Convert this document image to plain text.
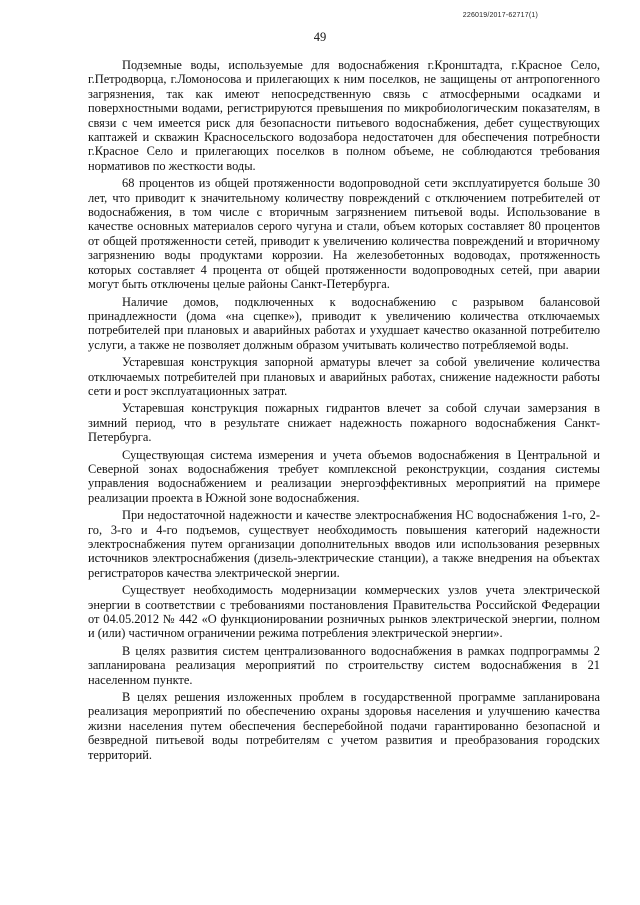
226019/2017-62717(1)
49

Подземные воды, используемые для водоснабжения г.Кронштадта, г.Красное Село, г.Петродворца, г.Ломоносова и прилегающих к ним поселков, не защищены от антропогенного загрязнения, так как имеют непосредственную связь с атмосферными осадками и поверхностными водами, регистрируются превышения по микробиологическим показателям, в связи с чем имеется риск для безопасности питьевого водоснабжения, дебет существующих каптажей и скважин Красносельского водозабора недостаточен для обеспечения потребности г.Красное Село и прилегающих поселков в полном объеме, не соблюдаются требования нормативов по жесткости воды.

68 процентов из общей протяженности водопроводной сети эксплуатируется больше 30 лет, что приводит к значительному количеству повреждений с отключением потребителей от водоснабжения, в том числе с вторичным загрязнением питьевой воды. Использование в качестве основных материалов серого чугуна и стали, объем которых составляет 80 процентов от общей протяженности сетей, приводит к увеличению количества повреждений и вторичному загрязнению воды продуктами коррозии. На железобетонных водоводах, протяженность которых составляет 4 процента от общей протяженности водопроводных сетей, при аварии могут быть отключены целые районы Санкт-Петербурга.

Наличие домов, подключенных к водоснабжению с разрывом балансовой принадлежности (дома «на сцепке»), приводит к увеличению количества отключаемых потребителей при плановых и аварийных работах и ухудшает качество оказанной потребителю услуги, а также не позволяет должным образом учитывать количество потребляемой воды.

Устаревшая конструкция запорной арматуры влечет за собой увеличение количества отключаемых потребителей при плановых и аварийных работах, снижение надежности работы сети и рост эксплуатационных затрат.

Устаревшая конструкция пожарных гидрантов влечет за собой случаи замерзания в зимний период, что в результате снижает надежность пожарного водоснабжения Санкт-Петербурга.

Существующая система измерения и учета объемов водоснабжения в Центральной и Северной зонах водоснабжения требует комплексной реконструкции, создания системы управления водоснабжением и реализации энергоэффективных мероприятий на примере реализации проекта в Южной зоне водоснабжения.

При недостаточной надежности и качестве электроснабжения НС водоснабжения 1-го, 2-го, 3-го и 4-го подъемов, существует необходимость повышения категорий надежности электроснабжения путем организации дополнительных вводов или использования резервных источников электроснабжения (дизель-электрические станции), а также внедрения на объектах регистраторов качества электрической энергии.

Существует необходимость модернизации коммерческих узлов учета электрической энергии в соответствии с требованиями постановления Правительства Российской Федерации от 04.05.2012 № 442 «О функционировании розничных рынков электрической энергии, полном и (или) частичном ограничении режима потребления электрической энергии».

В целях развития систем централизованного водоснабжения в рамках подпрограммы 2 запланирована реализация мероприятий по строительству систем водоснабжения в 21 населенном пункте.

В целях решения изложенных проблем в государственной программе запланирована реализация мероприятий по обеспечению охраны здоровья населения и улучшению качества жизни населения путем обеспечения бесперебойной подачи гарантированно безопасной и безвредной питьевой воды потребителям с учетом развития и преобразования городских территорий.
